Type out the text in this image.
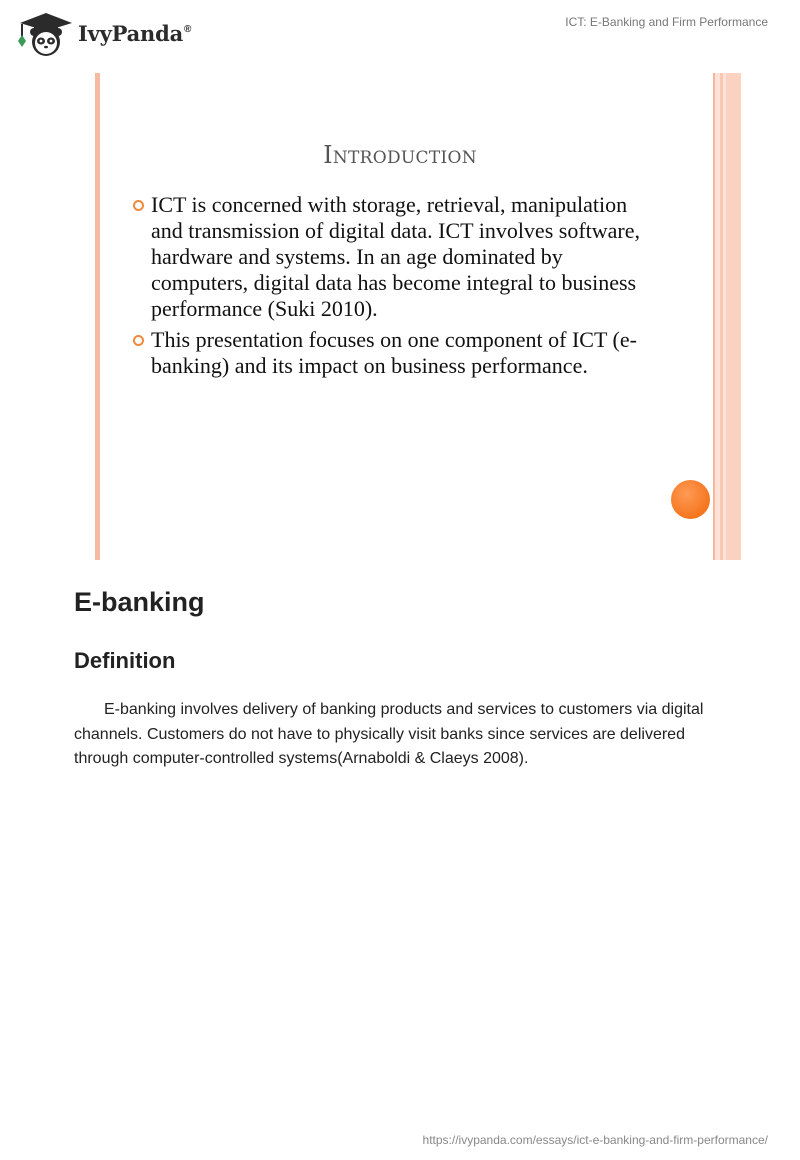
IvyPanda®	ICT: E-Banking and Firm Performance
Introduction
ICT is concerned with storage, retrieval, manipulation and transmission of digital data. ICT involves software, hardware and systems. In an age dominated by computers, digital data has become integral to business performance (Suki 2010).
This presentation focuses on one component of ICT (e-banking) and its impact on business performance.
E-banking
Definition

E-banking involves delivery of banking products and services to customers via digital channels. Customers do not have to physically visit banks since services are delivered through computer-controlled systems(Arnaboldi & Claeys 2008).

https://ivypanda.com/essays/ict-e-banking-and-firm-performance/
